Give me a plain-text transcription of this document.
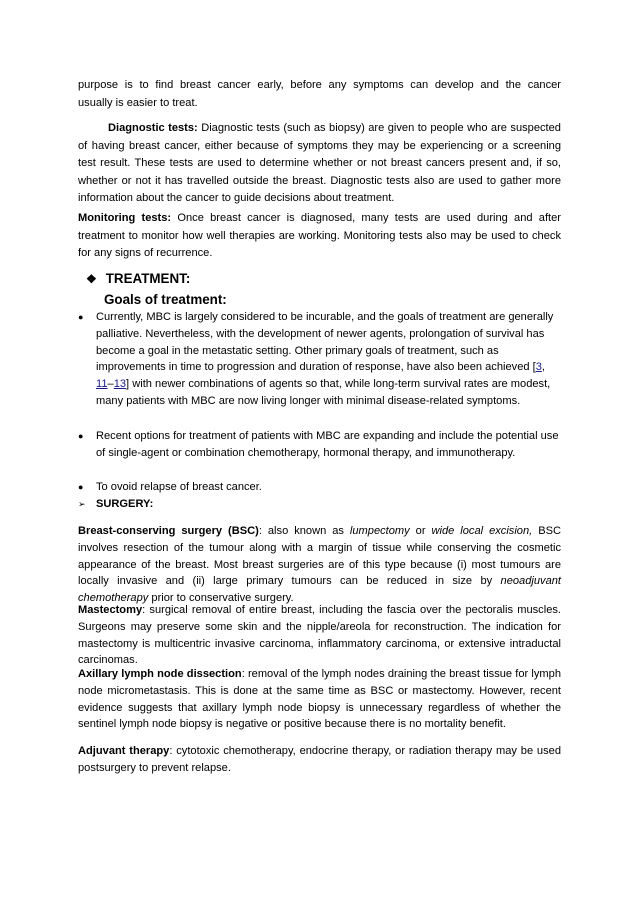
purpose is to find breast cancer early, before any symptoms can develop and the cancer
usually is easier to treat.
Diagnostic tests: Diagnostic tests (such as biopsy) are given to people who are suspected of having breast cancer, either because of symptoms they may be experiencing or a screening test result. These tests are used to determine whether or not breast cancers present and, if so, whether or not it has travelled outside the breast. Diagnostic tests also are used to gather more information about the cancer to guide decisions about treatment.
Monitoring tests: Once breast cancer is diagnosed, many tests are used during and after treatment to monitor how well therapies are working. Monitoring tests also may be used to check for any signs of recurrence.
❖ TREATMENT:
Goals of treatment:
●	Currently, MBC is largely considered to be incurable, and the goals of treatment are generally palliative. Nevertheless, with the development of newer agents, prolongation of survival has become a goal in the metastatic setting. Other primary goals of treatment, such as improvements in time to progression and duration of response, have also been achieved [3, 11–13] with newer combinations of agents so that, while long-term survival rates are modest, many patients with MBC are now living longer with minimal disease-related symptoms.
●	Recent options for treatment of patients with MBC are expanding and include the potential use of single-agent or combination chemotherapy, hormonal therapy, and immunotherapy.
●	To ovoid relapse of breast cancer.
➢ SURGERY:
Breast-conserving surgery (BSC): also known as lumpectomy or wide local excision, BSC involves resection of the tumour along with a margin of tissue while conserving the cosmetic appearance of the breast. Most breast surgeries are of this type because (i) most tumours are locally invasive and (ii) large primary tumours can be reduced in size by neoadjuvant chemotherapy prior to conservative surgery.
Mastectomy: surgical removal of entire breast, including the fascia over the pectoralis muscles. Surgeons may preserve some skin and the nipple/areola for reconstruction. The indication for mastectomy is multicentric invasive carcinoma, inflammatory carcinoma, or extensive intraductal carcinomas.
Axillary lymph node dissection: removal of the lymph nodes draining the breast tissue for lymph node micrometastasis. This is done at the same time as BSC or mastectomy. However, recent evidence suggests that axillary lymph node biopsy is unnecessary regardless of whether the sentinel lymph node biopsy is negative or positive because there is no mortality benefit.
Adjuvant therapy: cytotoxic chemotherapy, endocrine therapy, or radiation therapy may be used postsurgery to prevent relapse.
